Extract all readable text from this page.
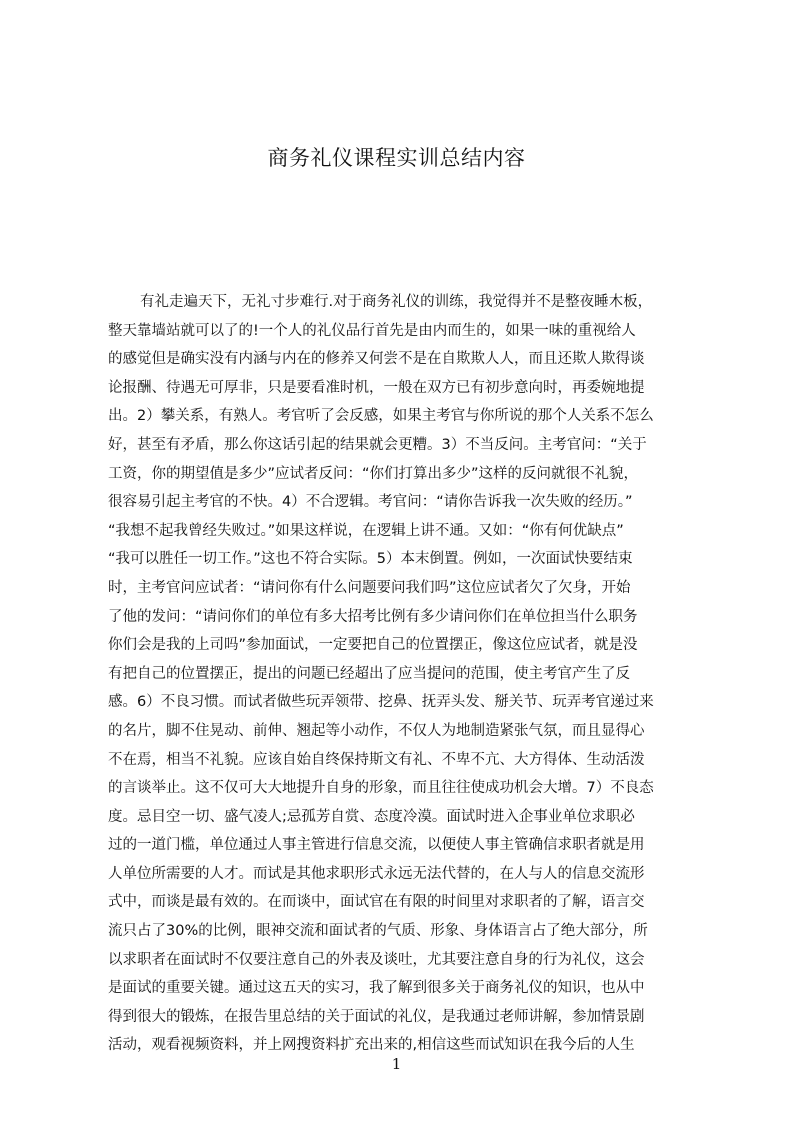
商务礼仪课程实训总结内容
有礼走遍天下，无礼寸步难行.对于商务礼仪的训练，我觉得并不是整夜睡木板，
整天靠墙站就可以了的!一个人的礼仪品行首先是由内而生的，如果一味的重视给人
的感觉但是确实没有内涵与内在的修养又何尝不是在自欺欺人人，而且还欺人欺得谈
论报酬、待遇无可厚非，只是要看准时机，一般在双方已有初步意向时，再委婉地提
出。2）攀关系，有熟人。考官听了会反感，如果主考官与你所说的那个人关系不怎么
好，甚至有矛盾，那么你这话引起的结果就会更糟。3）不当反问。主考官问：“关于
工资，你的期望值是多少”应试者反问：“你们打算出多少”这样的反问就很不礼貌，
很容易引起主考官的不快。4）不合逻辑。考官问：“请你告诉我一次失败的经历。”
“我想不起我曾经失败过。”如果这样说，在逻辑上讲不通。又如：“你有何优缺点”
“我可以胜任一切工作。”这也不符合实际。5）本末倒置。例如，一次面试快要结束
时，主考官问应试者：“请问你有什么问题要问我们吗”这位应试者欠了欠身，开始
了他的发问：“请问你们的单位有多大招考比例有多少请问你们在单位担当什么职务
你们会是我的上司吗”参加面试，一定要把自己的位置摆正，像这位应试者，就是没
有把自己的位置摆正，提出的问题已经超出了应当提问的范围，使主考官产生了反
感。6）不良习惯。而试者做些玩弄领带、挖鼻、抚弄头发、掰关节、玩弄考官递过来
的名片，脚不住晃动、前伸、翘起等小动作，不仅人为地制造紧张气氛，而且显得心
不在焉，相当不礼貌。应该自始自终保持斯文有礼、不卑不亢、大方得体、生动活泼
的言谈举止。这不仅可大大地提升自身的形象，而且往往使成功机会大增。7）不良态
度。忌目空一切、盛气凌人;忌孤芳自赏、态度冷漠。面试时进入企事业单位求职必
过的一道门槛，单位通过人事主管进行信息交流，以便使人事主管确信求职者就是用
人单位所需要的人才。而试是其他求职形式永远无法代替的，在人与人的信息交流形
式中，而谈是最有效的。在而谈中，面试官在有限的时间里对求职者的了解，语言交
流只占了30%的比例，眼神交流和面试者的气质、形象、身体语言占了绝大部分，所
以求职者在面试时不仅要注意自己的外表及谈吐，尤其要注意自身的行为礼仪，这会
是面试的重要关键。通过这五天的实习，我了解到很多关于商务礼仪的知识，也从中
得到很大的锻炼，在报告里总结的关于面试的礼仪，是我通过老师讲解，参加情景剧
活动，观看视频资料，并上网搜资料扩充出来的,相信这些而试知识在我今后的人生
1
